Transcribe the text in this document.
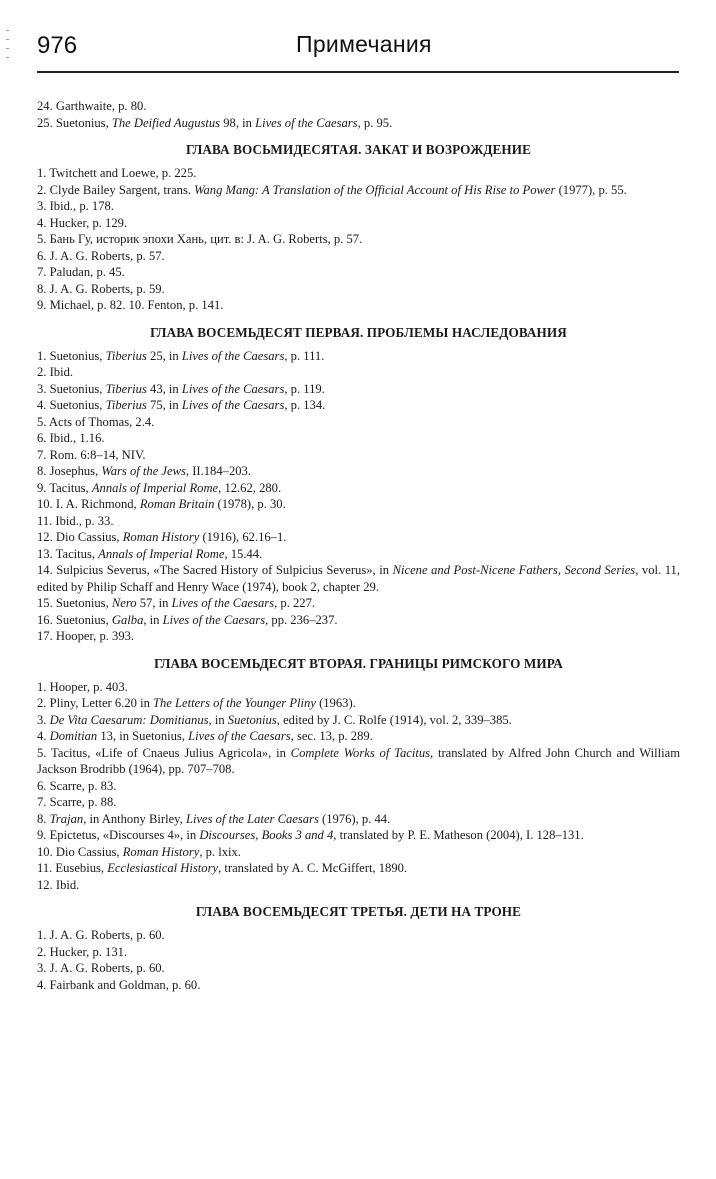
976	Примечания

24. Garthwaite, p. 80.

25. Suetonius, The Deified Augustus 98, in Lives of the Caesars, p. 95.

ГЛАВА ВОСЬМИДЕСЯТАЯ. ЗАКАТ И ВОЗРОЖДЕНИЕ

1. Twitchett and Loewe, p. 225.

2. Clyde Bailey Sargent, trans. Wang Mang: A Translation of the Official Account of His Rise to Power (1977), p. 55.

3. Ibid., p. 178.

4. Hucker, p. 129.

5. Бань Гу, историк эпохи Хань, цит. в: J. A. G. Roberts, p. 57.

6. J. A. G. Roberts, p. 57.

7. Paludan, p. 45.

8. J. A. G. Roberts, p. 59.

9. Michael, p. 82. 10. Fenton, p. 141.

ГЛАВА ВОСЕМЬДЕСЯТ ПЕРВАЯ. ПРОБЛЕМЫ НАСЛЕДОВАНИЯ

1. Suetonius, Tiberius 25, in Lives of the Caesars, p. 111.

2. Ibid.

3. Suetonius, Tiberius 43, in Lives of the Caesars, p. 119.

4. Suetonius, Tiberius 75, in Lives of the Caesars, p. 134.

5. Acts of Thomas, 2.4.

6. Ibid., 1.16.

7. Rom. 6:8–14, NIV.

8. Josephus, Wars of the Jews, II.184–203.

9. Tacitus, Annals of Imperial Rome, 12.62, 280.

10. I. A. Richmond, Roman Britain (1978), p. 30.

11. Ibid., p. 33.

12. Dio Cassius, Roman History (1916), 62.16–1.

13. Tacitus, Annals of Imperial Rome, 15.44.

14. Sulpicius Severus, «The Sacred History of Sulpicius Severus», in Nicene and Post-Nicene Fathers, Second Series, vol. 11, edited by Philip Schaff and Henry Wace (1974), book 2, chapter 29.

15. Suetonius, Nero 57, in Lives of the Caesars, p. 227.

16. Suetonius, Galba, in Lives of the Caesars, pp. 236–237.

17. Hooper, p. 393.

ГЛАВА ВОСЕМЬДЕСЯТ ВТОРАЯ. ГРАНИЦЫ РИМСКОГО МИРА

1. Hooper, p. 403.

2. Pliny, Letter 6.20 in The Letters of the Younger Pliny (1963).

3. De Vita Caesarum: Domitianus, in Suetonius, edited by J. C. Rolfe (1914), vol. 2, 339–385.

4. Domitian 13, in Suetonius, Lives of the Caesars, sec. 13, p. 289.

5. Tacitus, «Life of Cnaeus Julius Agricola», in Complete Works of Tacitus, translated by Alfred John Church and William Jackson Brodribb (1964), pp. 707–708.

6. Scarre, p. 83.

7. Scarre, p. 88.

8. Trajan, in Anthony Birley, Lives of the Later Caesars (1976), p. 44.

9. Epictetus, «Discourses 4», in Discourses, Books 3 and 4, translated by P. E. Matheson (2004), I. 128–131.

10. Dio Cassius, Roman History, p. lxix.

11. Eusebius, Ecclesiastical History, translated by A. C. McGiffert, 1890.

12. Ibid.

ГЛАВА ВОСЕМЬДЕСЯТ ТРЕТЬЯ. ДЕТИ НА ТРОНЕ

1. J. A. G. Roberts, p. 60.

2. Hucker, p. 131.

3. J. A. G. Roberts, p. 60.

4. Fairbank and Goldman, p. 60.
